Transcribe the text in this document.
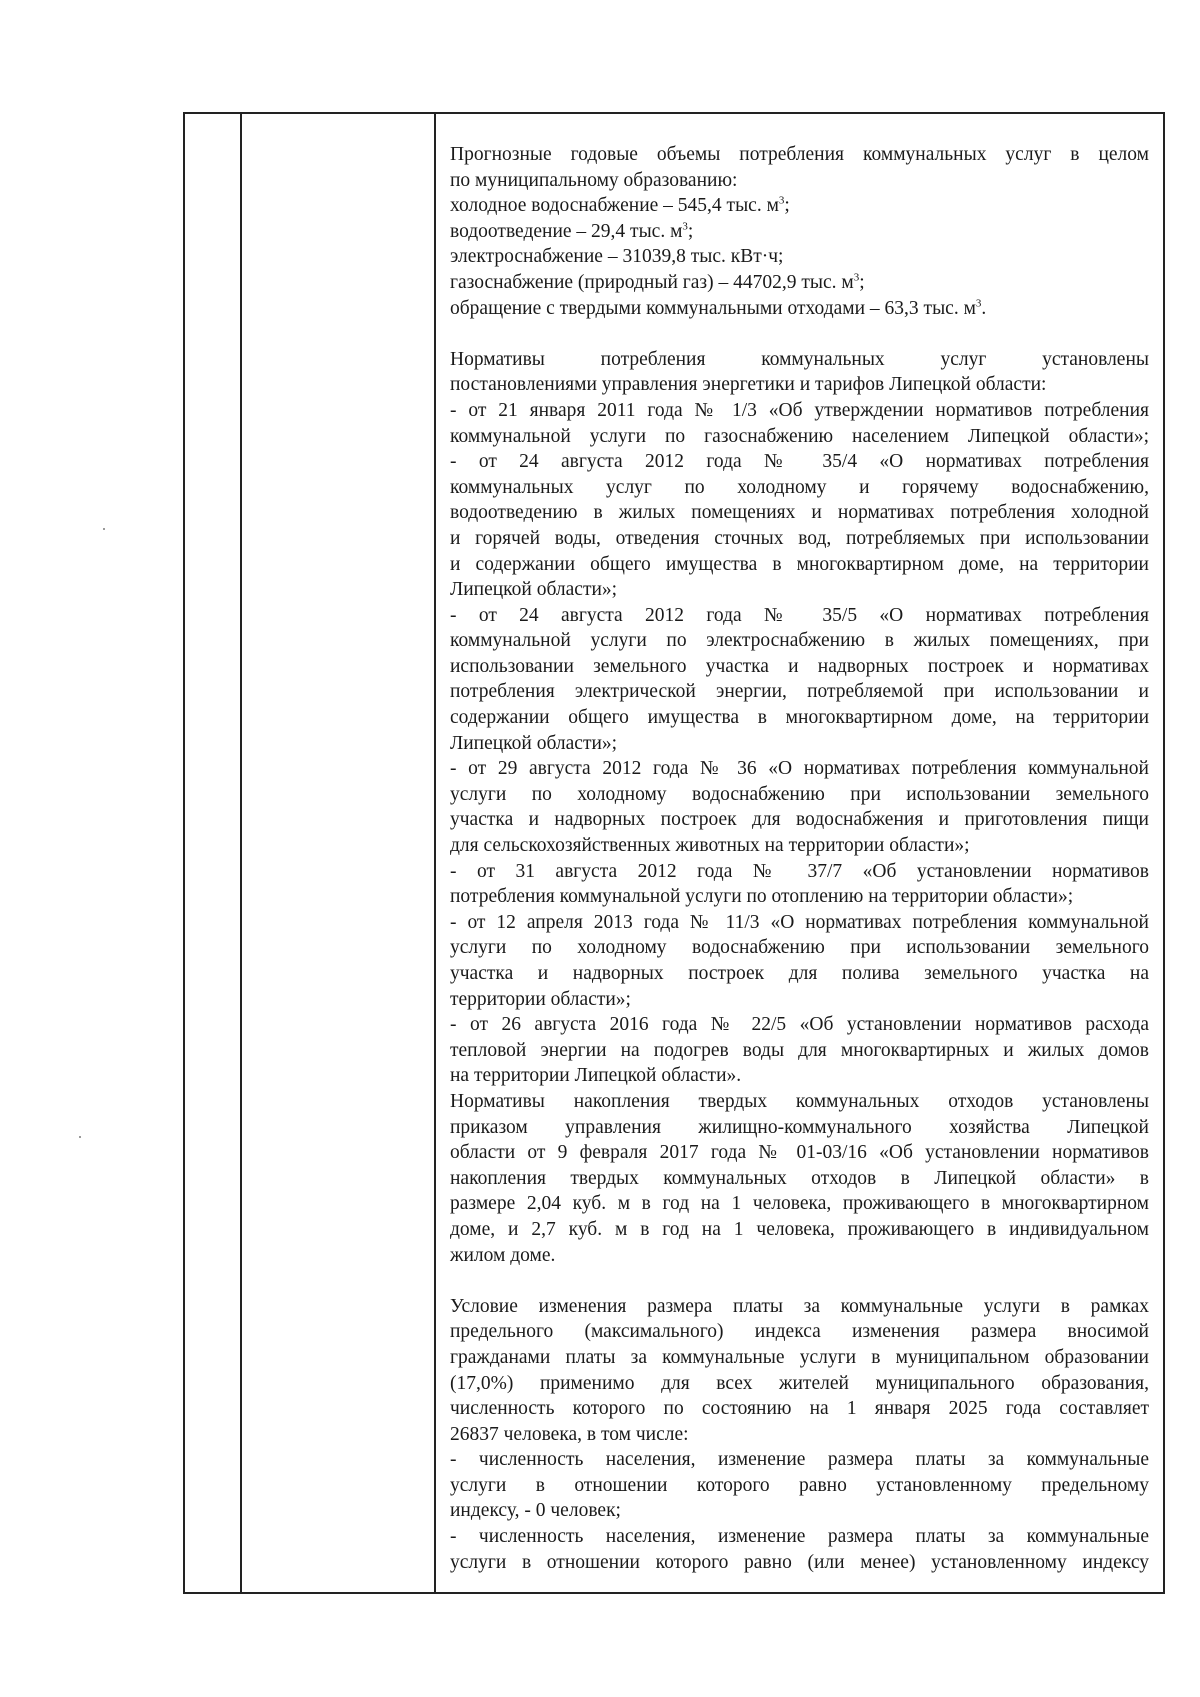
Прогнозные годовые объемы потребления коммунальных услуг в целом
по муниципальному образованию:
холодное водоснабжение – 545,4 тыс. $м^3$;
водоотведение – 29,4 тыс. $м^3$;
электроснабжение – 31039,8 тыс. кВт·ч;
газоснабжение (природный газ) – 44702,9 тыс. $м^3$;
обращение с твердыми коммунальными отходами – 63,3 тыс. $м^3$.
Нормативы потребления коммунальных услуг установлены
постановлениями управления энергетики и тарифов Липецкой области:
- от 21 января 2011 года № 1/3 «Об утверждении нормативов потребления
коммунальной услуги по газоснабжению населением Липецкой области»;
- от 24 августа 2012 года № 35/4 «О нормативах потребления
коммунальных услуг по холодному и горячему водоснабжению,
водоотведению в жилых помещениях и нормативах потребления холодной
и горячей воды, отведения сточных вод, потребляемых при использовании
и содержании общего имущества в многоквартирном доме, на территории
Липецкой области»;
- от 24 августа 2012 года № 35/5 «О нормативах потребления
коммунальной услуги по электроснабжению в жилых помещениях, при
использовании земельного участка и надворных построек и нормативах
потребления электрической энергии, потребляемой при использовании и
содержании общего имущества в многоквартирном доме, на территории
Липецкой области»;
- от 29 августа 2012 года № 36 «О нормативах потребления коммунальной
услуги по холодному водоснабжению при использовании земельного
участка и надворных построек для водоснабжения и приготовления пищи
для сельскохозяйственных животных на территории области»;
- от 31 августа 2012 года № 37/7 «Об установлении нормативов
потребления коммунальной услуги по отоплению на территории области»;
- от 12 апреля 2013 года № 11/3 «О нормативах потребления коммунальной
услуги по холодному водоснабжению при использовании земельного
участка и надворных построек для полива земельного участка на
территории области»;
- от 26 августа 2016 года № 22/5 «Об установлении нормативов расхода
тепловой энергии на подогрев воды для многоквартирных и жилых домов
на территории Липецкой области».
Нормативы накопления твердых коммунальных отходов установлены
приказом управления жилищно-коммунального хозяйства Липецкой
области от 9 февраля 2017 года № 01-03/16 «Об установлении нормативов
накопления твердых коммунальных отходов в Липецкой области» в
размере 2,04 куб. м в год на 1 человека, проживающего в многоквартирном
доме, и 2,7 куб. м в год на 1 человека, проживающего в индивидуальном
жилом доме.
Условие изменения размера платы за коммунальные услуги в рамках
предельного (максимального) индекса изменения размера вносимой
гражданами платы за коммунальные услуги в муниципальном образовании
(17,0%) применимо для всех жителей муниципального образования,
численность которого по состоянию на 1 января 2025 года составляет
26837 человека, в том числе:
- численность населения, изменение размера платы за коммунальные
услуги в отношении которого равно установленному предельному
индексу, - 0 человек;
- численность населения, изменение размера платы за коммунальные
услуги в отношении которого равно (или менее) установленному индексу
